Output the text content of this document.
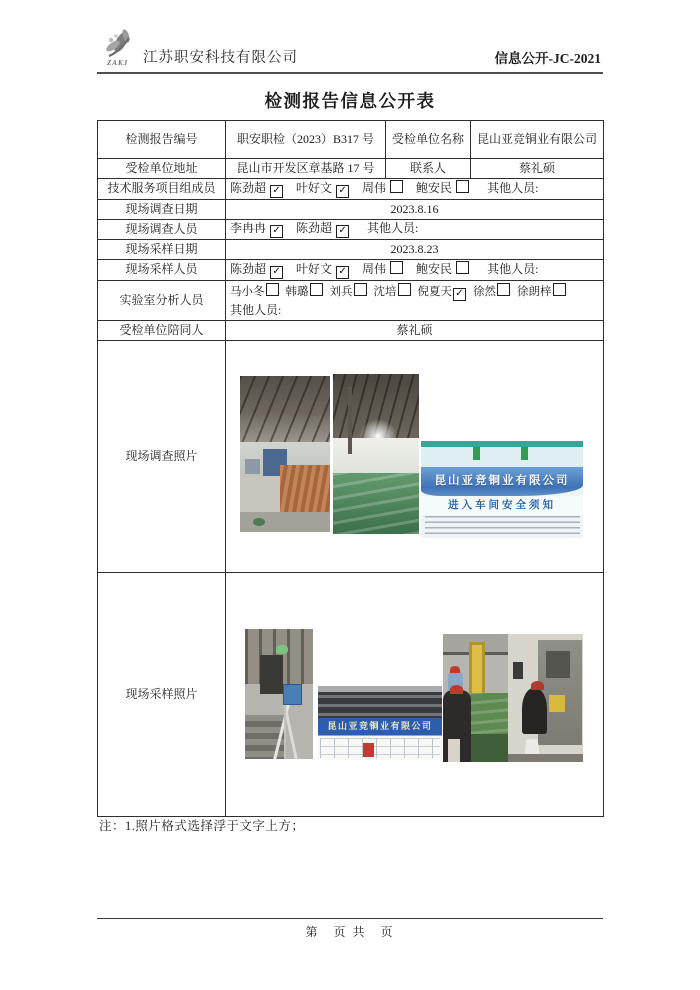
ZAKJ 江苏职安科技有限公司	信息公开-JC-2021
检测报告信息公开表
检测报告编号	职安职检（2023）B317 号	受检单位名称	昆山亚竞铜业有限公司
受检单位地址	昆山市开发区章基路 17 号	联系人	蔡礼硕
技术服务项目组成员	陈劲超 ✓ 叶好文 ✓ 周伟 鲍安民 其他人员:		
现场调查日期	2023.8.16		
现场调查人员	李冉冉 ✓ 陈劲超 ✓ 其他人员:		
现场采样日期	2023.8.23		
现场采样人员	陈劲超 ✓ 叶好文 ✓ 周伟 鲍安民 其他人员:		
实验室分析人员	马小冬 韩璐 刘兵 沈培 倪夏天 ✓ 徐然 徐朗梓
其他人员:		

受检单位陪同人	蔡礼硕		
现场调查照片	昆山亚竞铜业有限公司
进入车间安全须知		

现场采样照片	昆山亚竞铜业有限公司		
注：1.照片格式选择浮于文字上方；
第　页 共　页
